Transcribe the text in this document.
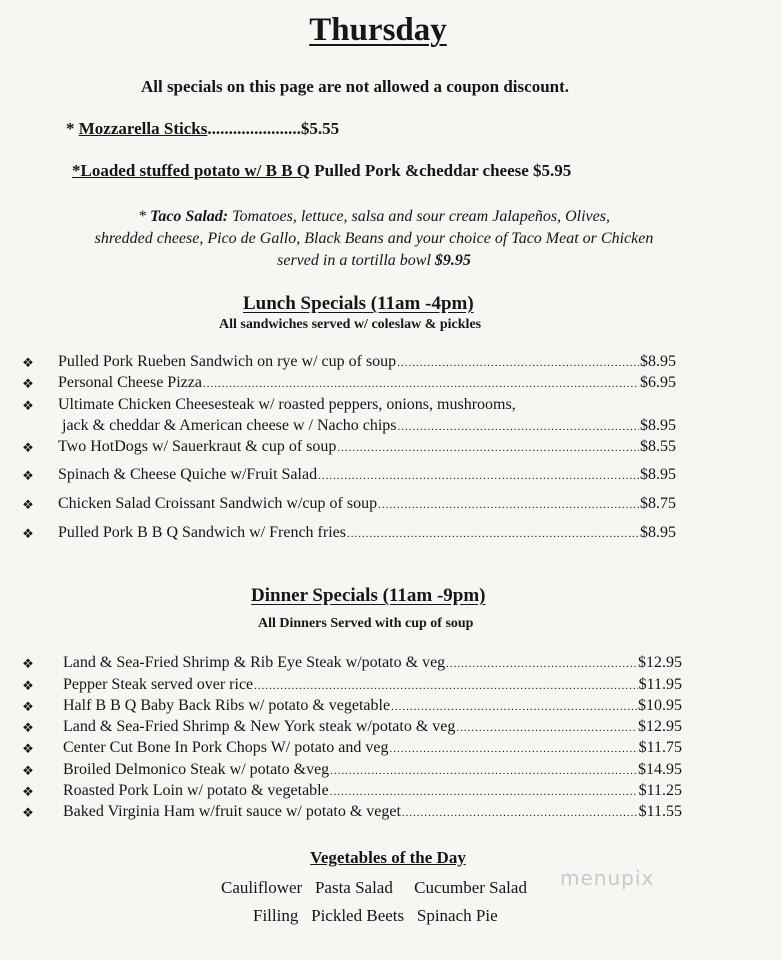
Thursday
All specials on this page are not allowed a coupon discount.
* Mozzarella Sticks......................$5.55
*Loaded stuffed potato w/ B B Q Pulled Pork &cheddar cheese $5.95
* Taco Salad: Tomatoes, lettuce, salsa and sour cream Jalapeños, Olives,
shredded cheese, Pico de Gallo, Black Beans and your choice of Taco Meat or Chicken
served in a tortilla bowl $9.95
Lunch Specials (11am -4pm)
All sandwiches served w/ coleslaw & pickles
❖ Pulled Pork Rueben Sandwich on rye w/ cup of soup .....	$8.95
❖ Personal Cheese Pizza .....	$6.95
❖ Ultimate Chicken Cheesesteak w/ roasted peppers, onions, mushrooms,
jack & cheddar & American cheese w / Nacho chips .....	$8.95
❖ Two HotDogs w/ Sauerkraut & cup of soup .....	$8.55
❖ Spinach & Cheese Quiche w/Fruit Salad .....	$8.95
❖ Chicken Salad Croissant Sandwich w/cup of soup .....	$8.75
❖ Pulled Pork B B Q Sandwich w/ French fries .....	$8.95
Dinner Specials (11am -9pm)
All Dinners Served with cup of soup
❖ Land & Sea-Fried Shrimp & Rib Eye Steak w/potato & veg .....	$12.95
❖ Pepper Steak served over rice .....	$11.95
❖ Half B B Q Baby Back Ribs w/ potato & vegetable .....	$10.95
❖ Land & Sea-Fried Shrimp & New York steak w/potato & veg .....	$12.95
❖ Center Cut Bone In Pork Chops W/ potato and veg .....	$11.75
❖ Broiled Delmonico Steak w/ potato &veg .....	$14.95
❖ Roasted Pork Loin w/ potato & vegetable .....	$11.25
❖ Baked Virginia Ham w/fruit sauce w/ potato & veget .....	$11.55
Vegetables of the Day
Cauliflower Pasta Salad Cucumber Salad
Filling Pickled Beets Spinach Pie
menupix
